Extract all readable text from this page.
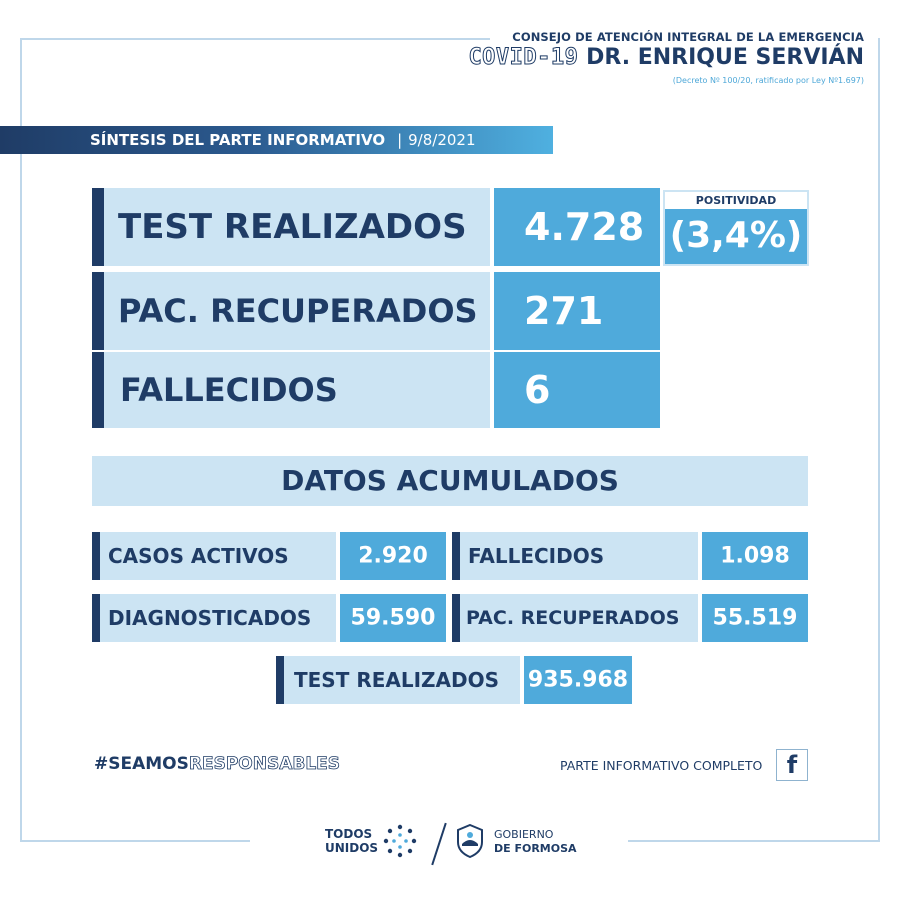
CONSEJO DE ATENCIÓN INTEGRAL DE LA EMERGENCIA
COVID-19 DR. ENRIQUE SERVIÁN
(Decreto Nº 100/20, ratificado por Ley Nº1.697)
SÍNTESIS DEL PARTE INFORMATIVO | 9/8/2021
TEST REALIZADOS 4.728
POSITIVIDAD
(3,4%)
PAC. RECUPERADOS 271
FALLECIDOS	6
DATOS ACUMULADOS
CASOS ACTIVOS	2.920	FALLECIDOS	1.098
DIAGNOSTICADOS	59.590	PAC. RECUPERADOS	55.519
TEST REALIZADOS 935.968
#SEAMOSRESPONSABLES	PARTE INFORMATIVO COMPLETO	f
TODOS
UNIDOS
GOBIERNO
DE FORMOSA
